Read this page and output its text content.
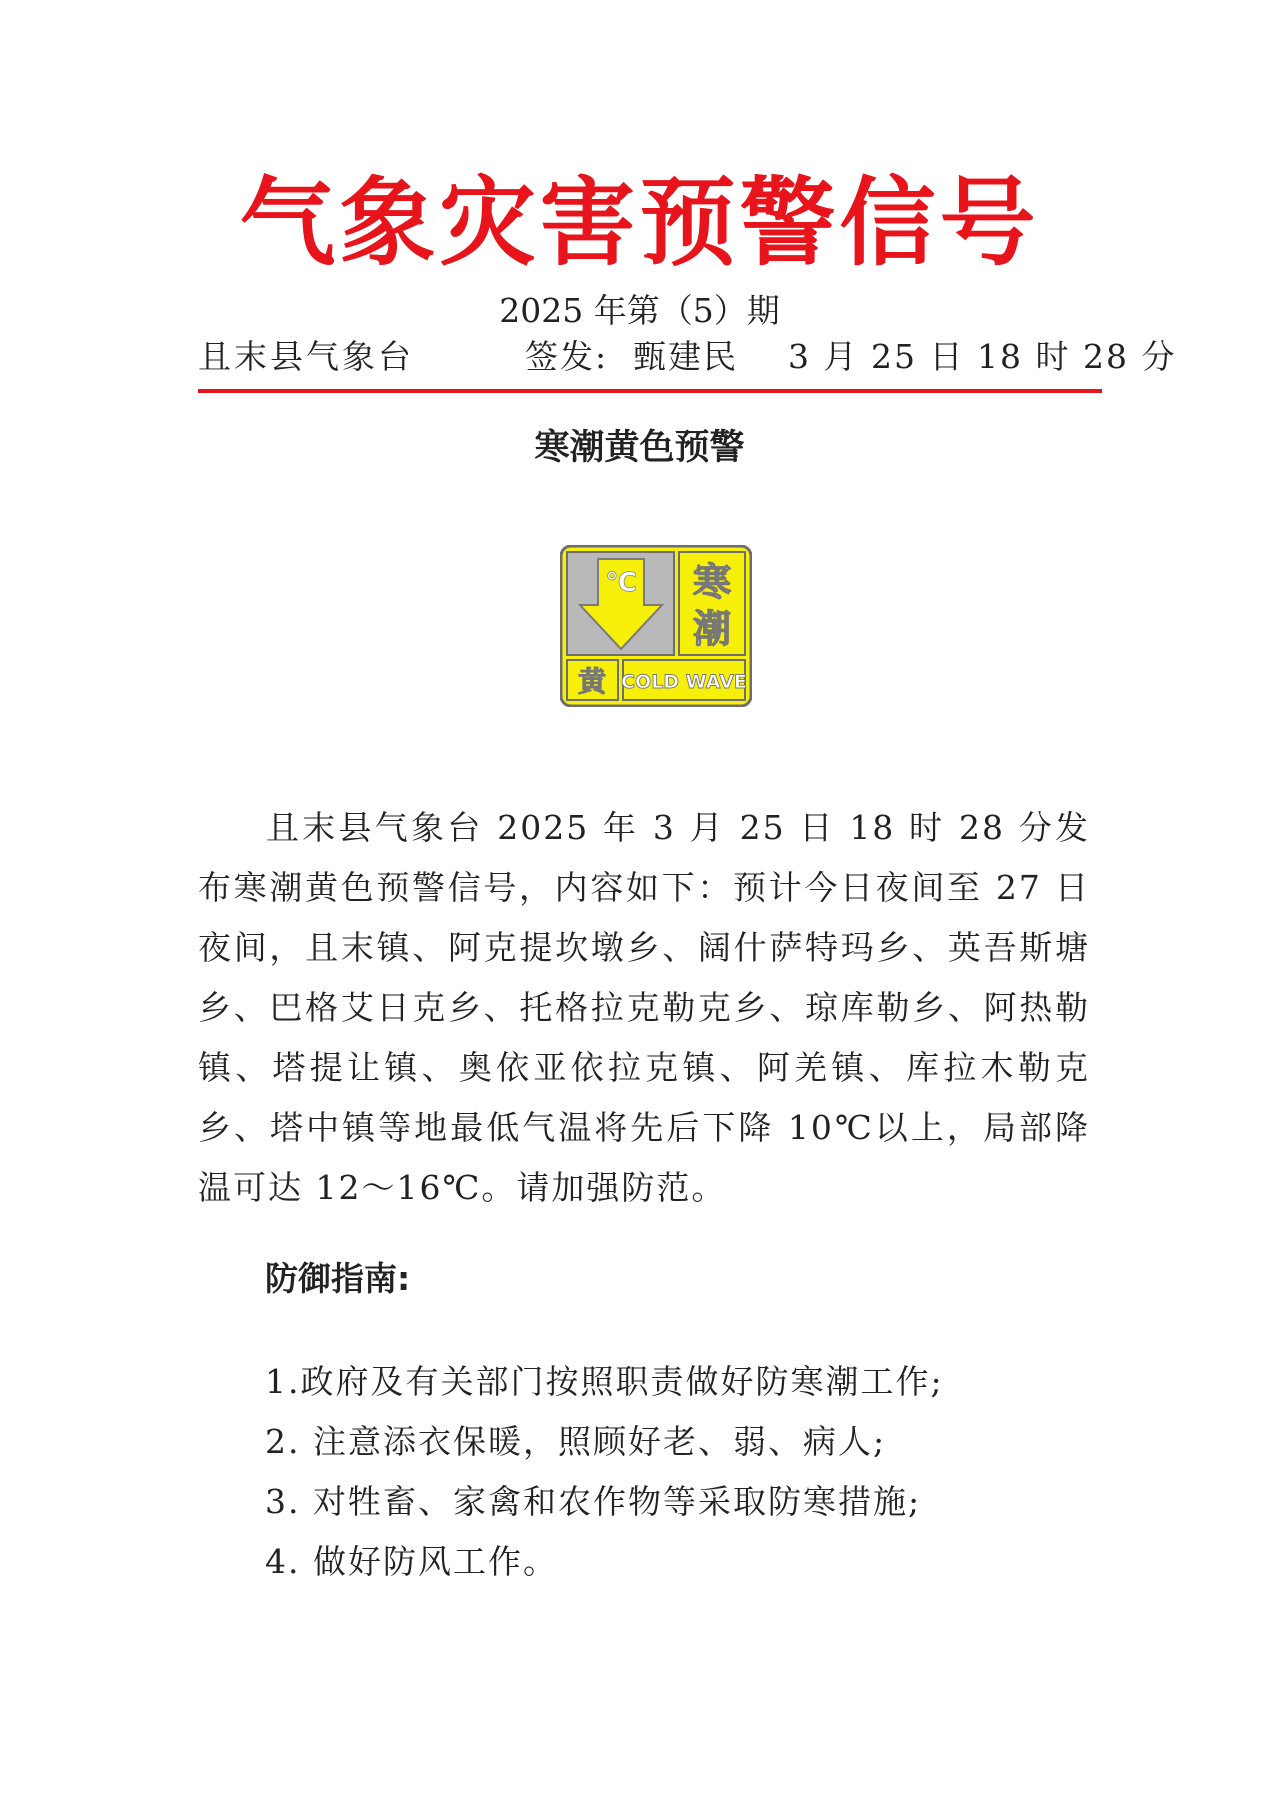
气象灾害预警信号
2025 年第（5）期
且末县气象台	签发:  甄建民    3 月 25 日 18 时 28 分
寒潮黄色预警
℃ 寒
潮
黄 COLD WAVE

且末县气象台 2025 年 3 月 25 日 18 时 28 分发布寒潮黄色预警信号，内容如下：预计今日夜间至 27 日夜间，且末镇、阿克提坎墩乡、阔什萨特玛乡、英吾斯塘乡、巴格艾日克乡、托格拉克勒克乡、琼库勒乡、阿热勒镇、塔提让镇、奥依亚依拉克镇、阿羌镇、库拉木勒克乡、塔中镇等地最低气温将先后下降 10℃以上，局部降温可达 12～16℃。请加强防范。

防御指南:
1.政府及有关部门按照职责做好防寒潮工作;
2. 注意添衣保暖，照顾好老、弱、病人;
3. 对牲畜、家禽和农作物等采取防寒措施;
4. 做好防风工作。
